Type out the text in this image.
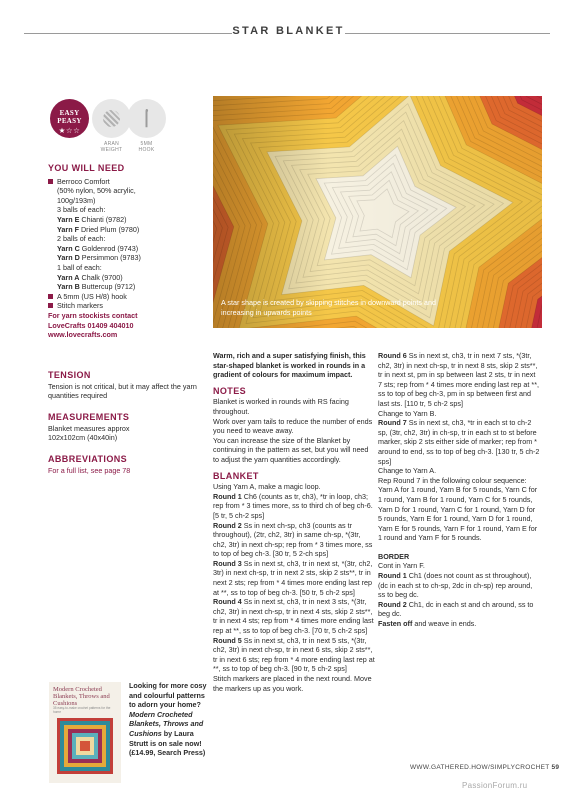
STAR BLANKET
EASY
PEASY
★☆☆
ARAN
WEIGHT
5MM
HOOK
YOU WILL NEED
Berroco Comfort
(50% nylon, 50% acrylic,
100g/193m)
3 balls of each:
Yarn E Chianti (9782)
Yarn F Dried Plum (9780)
2 balls of each:
Yarn C Goldenrod (9743)
Yarn D Persimmon (9783)
1 ball of each:
Yarn A Chalk (9700)
Yarn B Buttercup (9712)
A 5mm (US H/8) hook
Stitch markers
For yarn stockists contact LoveCrafts 01409 404010 www.lovecrafts.com
TENSION
Tension is not critical, but it may affect the yarn quantities required
MEASUREMENTS
Blanket measures approx
102x102cm (40x40in)
ABBREVIATIONS
For a full list, see page 78
A star shape is created by skipping stitches in downward points and increasing in upwards points
Warm, rich and a super satisfying finish, this star-shaped blanket is worked in rounds in a gradient of colours for maximum impact.
NOTES
Blanket is worked in rounds with RS facing throughout.
Work over yarn tails to reduce the number of ends you need to weave away.
You can increase the size of the Blanket by continuing in the pattern as set, but you will need to adjust the yarn quantities accordingly.
BLANKET
Using Yarn A, make a magic loop.
Round 1 Ch6 (counts as tr, ch3), *tr in loop, ch3; rep from * 3 times more, ss to third ch of beg ch-6. [5 tr, 5 ch-2 sps]
Round 2 Ss in next ch-sp, ch3 (counts as tr throughout), (2tr, ch2, 3tr) in same ch-sp, *(3tr, ch2, 3tr) in next ch-sp; rep from * 3 times more, ss to top of beg ch-3. [30 tr, 5 2-ch sps]
Round 3 Ss in next st, ch3, tr in next st, *(3tr, ch2, 3tr) in next ch-sp, tr in next 2 sts, skip 2 sts**, tr in next 2 sts; rep from * 4 times more ending last rep at **, ss to top of beg ch-3. [50 tr, 5 ch-2 sps]
Round 4 Ss in next st, ch3, tr in next 3 sts, *(3tr, ch2, 3tr) in next ch-sp, tr in next 4 sts, skip 2 sts**, tr in next 4 sts; rep from * 4 times more ending last rep at **, ss to top of beg ch-3. [70 tr, 5 ch-2 sps]
Round 5 Ss in next st, ch3, tr in next 5 sts, *(3tr, ch2, 3tr) in next ch-sp, tr in next 6 sts, skip 2 sts**, tr in next 6 sts; rep from * 4 more ending last rep at **, ss to top of beg ch-3. [90 tr, 5 ch-2 sps]
Stitch markers are placed in the next round. Move the markers up as you work.
Round 6 Ss in next st, ch3, tr in next 7 sts, *(3tr, ch2, 3tr) in next ch-sp, tr in next 8 sts, skip 2 sts**, tr in next st, pm in sp between last 2 sts, tr in next 7 sts; rep from * 4 times more ending last rep at **, ss to top of beg ch-3, pm in sp between first and last sts. [110 tr, 5 ch-2 sps]
Change to Yarn B.
Round 7 Ss in next st, ch3, *tr in each st to ch-2 sp, (3tr, ch2, 3tr) in ch-sp, tr in each st to st before marker, skip 2 sts either side of marker; rep from * around to end, ss to top of beg ch-3. [130 tr, 5 ch-2 sps]
Change to Yarn A.
Rep Round 7 in the following colour sequence: Yarn A for 1 round, Yarn B for 5 rounds, Yarn C for 1 round, Yarn B for 1 round, Yarn C for 5 rounds, Yarn D for 1 round, Yarn C for 1 round, Yarn D for 5 rounds, Yarn E for 1 round, Yarn D for 1 round, Yarn E for 5 rounds, Yarn F for 1 round, Yarn E for 1 round and Yarn F for 5 rounds.
BORDER
Cont in Yarn F.
Round 1 Ch1 (does not count as st throughout), (dc in each st to ch-sp, 2dc in ch-sp) rep around, ss to beg dc.
Round 2 Ch1, dc in each st and ch around, ss to beg dc.
Fasten off and weave in ends.
Modern Crocheted Blankets, Throws and Cushions
35 easy-to-make crochet patterns for the home
Looking for more cosy and colourful patterns to adorn your home? Modern Crocheted Blankets, Throws and Cushions by Laura Strutt is on sale now! (£14.99, Search Press)
WWW.GATHERED.HOW/SIMPLYCROCHET 59
PassionForum.ru
